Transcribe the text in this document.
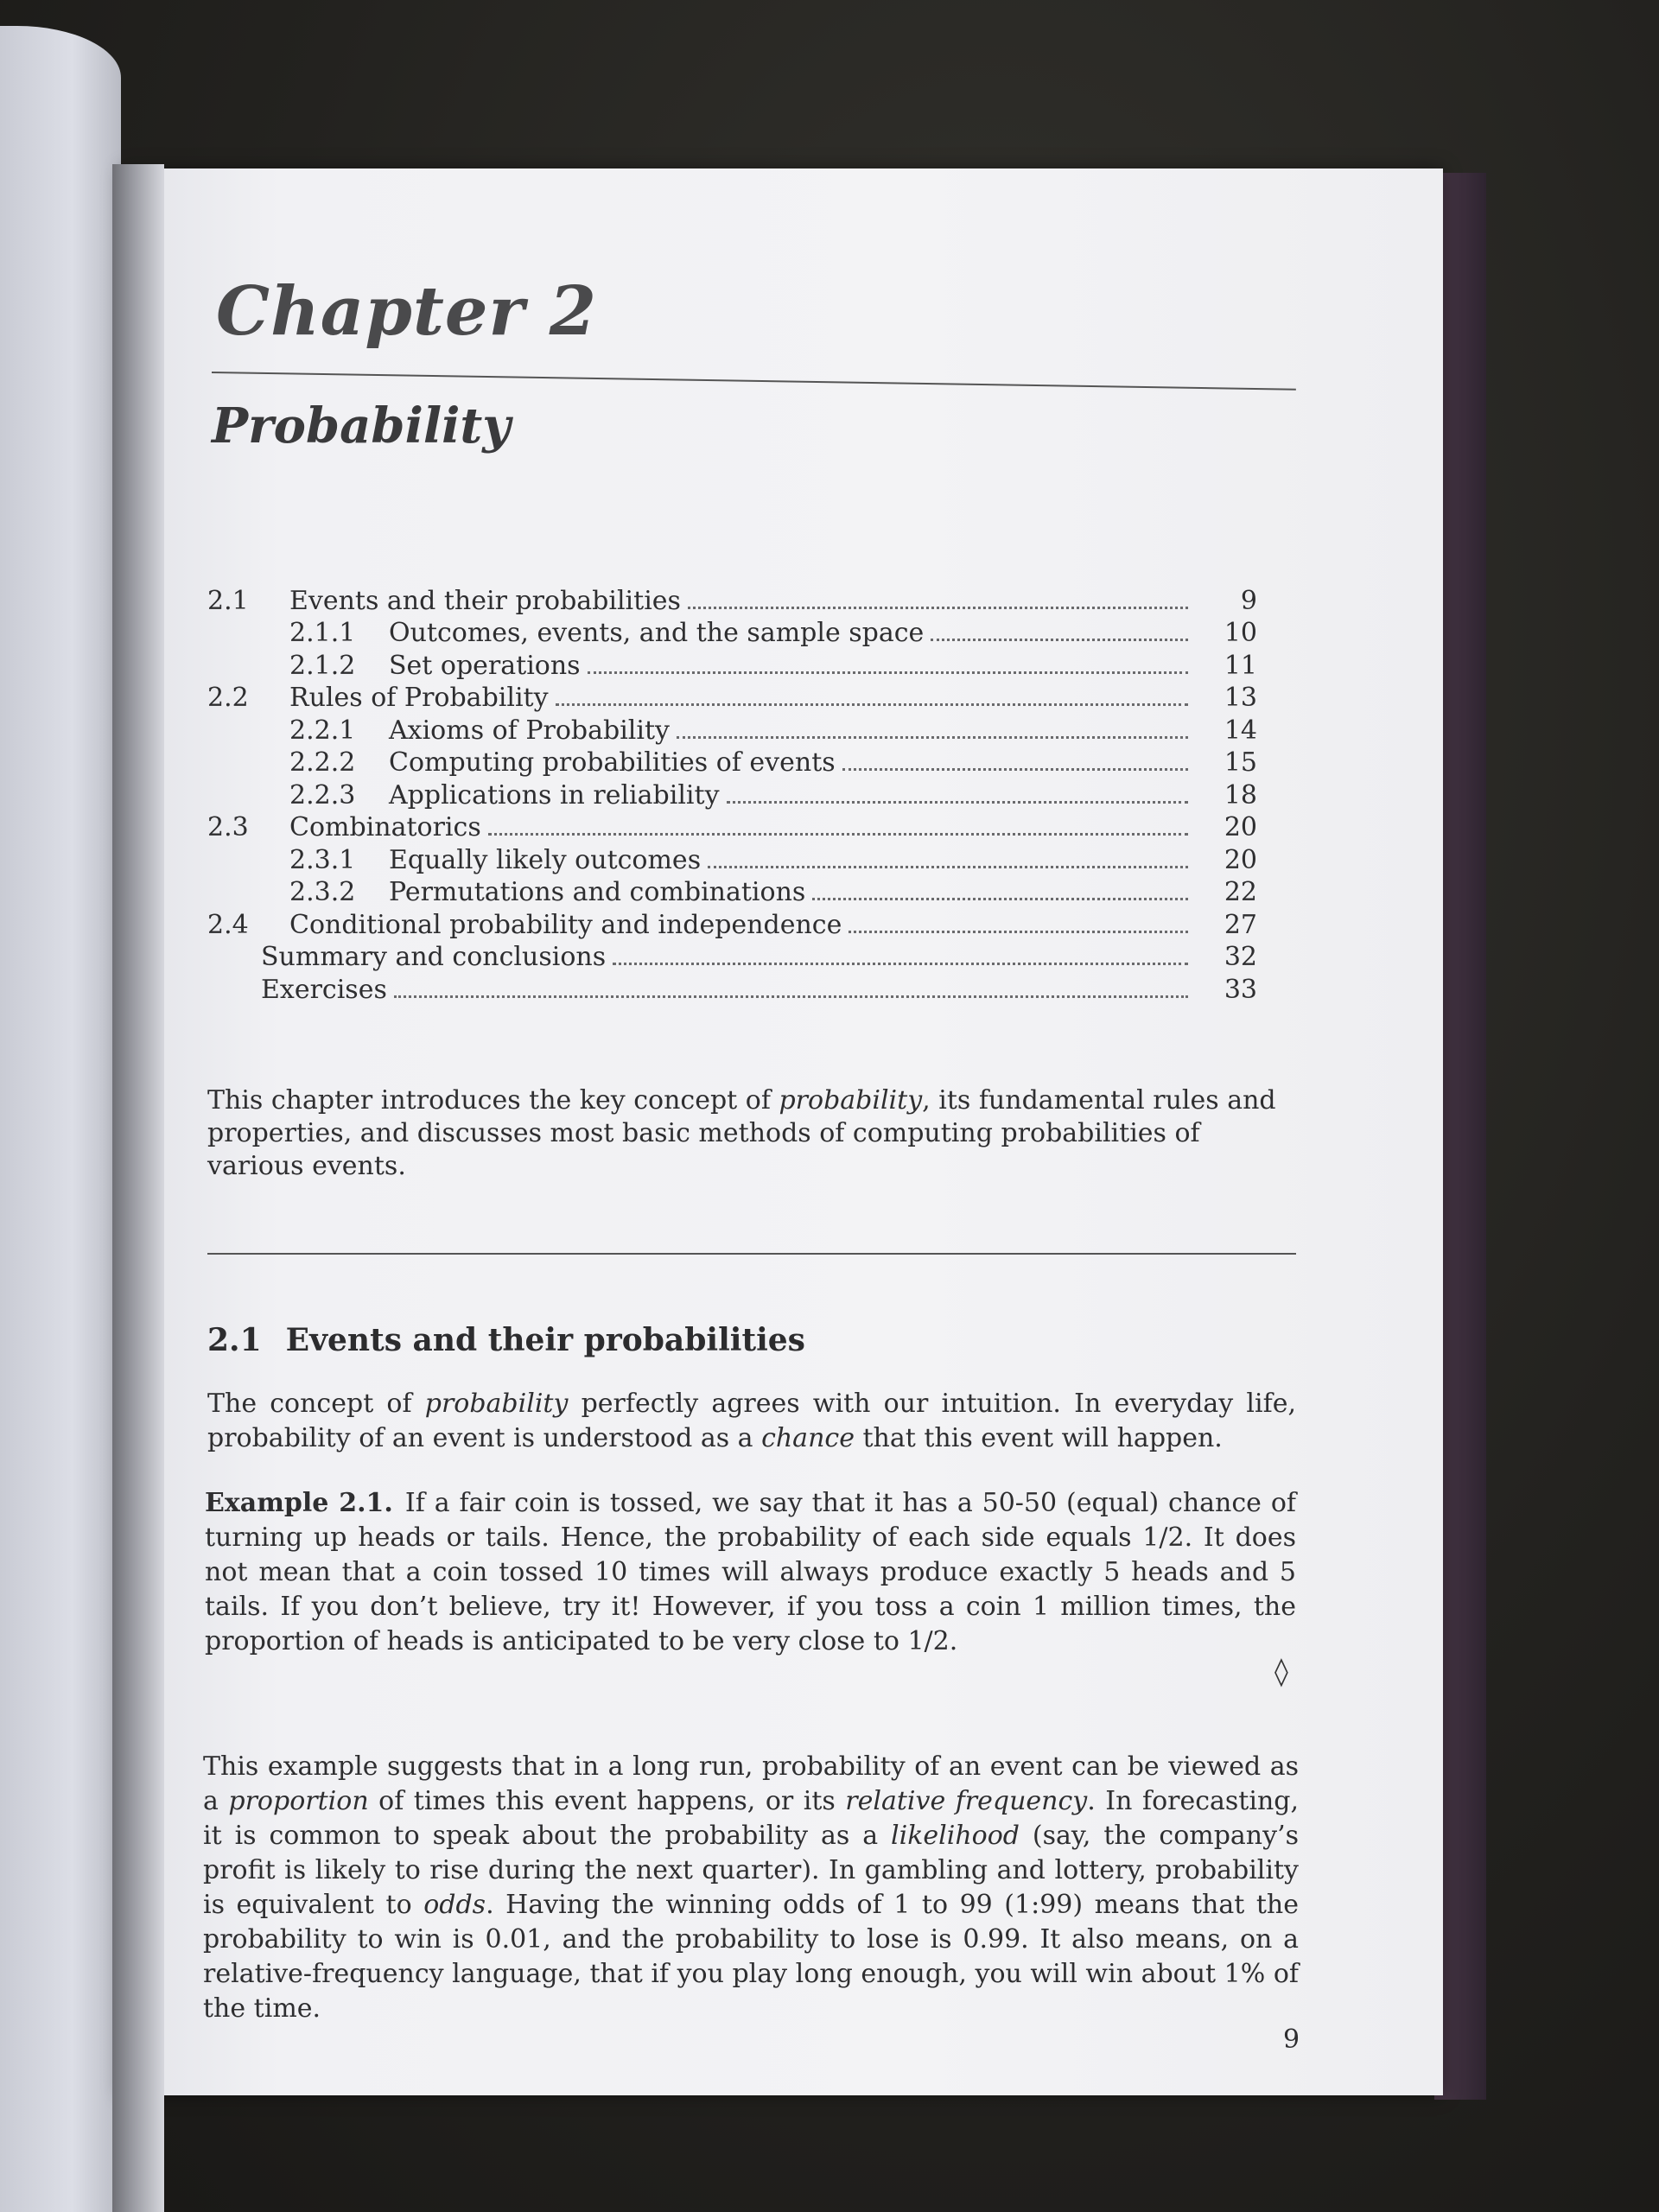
Chapter 2
Probability
2.1	Events and their probabilities	9
2.1.1	Outcomes, events, and the sample space	10
2.1.2	Set operations	11
2.2	Rules of Probability	13
2.2.1	Axioms of Probability	14
2.2.2	Computing probabilities of events	15
2.2.3	Applications in reliability	18
2.3	Combinatorics	20
2.3.1	Equally likely outcomes	20
2.3.2	Permutations and combinations	22
2.4	Conditional probability and independence	27
Summary and conclusions	32
Exercises	33
This chapter introduces the key concept of probability, its fundamental rules and properties, and discusses most basic methods of computing probabilities of various events.
2.1 Events and their probabilities
The concept of probability perfectly agrees with our intuition. In everyday life, probability of an event is understood as a chance that this event will happen.
Example 2.1. If a fair coin is tossed, we say that it has a 50-50 (equal) chance of turning up heads or tails. Hence, the probability of each side equals 1/2. It does not mean that a coin tossed 10 times will always produce exactly 5 heads and 5 tails. If you don’t believe, try it! However, if you toss a coin 1 million times, the proportion of heads is anticipated to be very close to 1/2.
◊
This example suggests that in a long run, probability of an event can be viewed as a proportion of times this event happens, or its relative frequency. In forecasting, it is common to speak about the probability as a likelihood (say, the company’s profit is likely to rise during the next quarter). In gambling and lottery, probability is equivalent to odds. Having the winning odds of 1 to 99 (1:99) means that the probability to win is 0.01, and the probability to lose is 0.99. It also means, on a relative-frequency language, that if you play long enough, you will win about 1% of the time.
9
